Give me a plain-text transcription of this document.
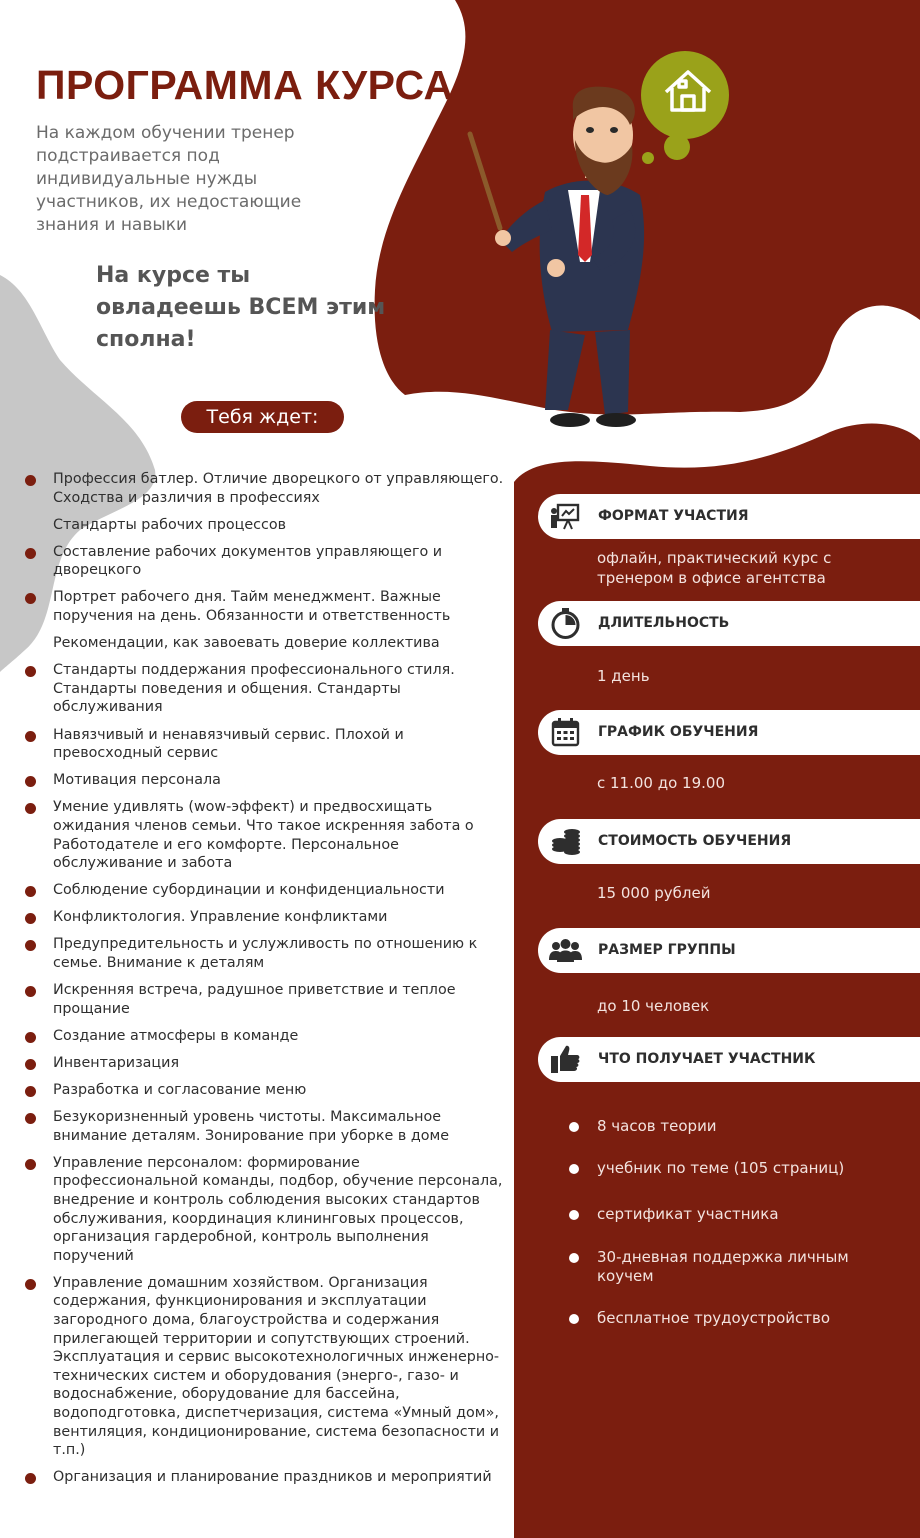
ПРОГРАММА КУРСА
На каждом обучении тренер подстраивается под индивидуальные нужды участников, их недостающие знания и навыки
На курсе ты овладеешь ВСЕМ этим сполна!
Тебя ждет:
Профессия батлер. Отличие дворецкого от управляющего. Сходства и различия в профессиях
Стандарты рабочих процессов
Составление рабочих документов управляющего и дворецкого
Портрет рабочего дня. Тайм менеджмент. Важные поручения на день. Обязанности и ответственность
Рекомендации, как завоевать доверие коллектива
Стандарты поддержания профессионального стиля. Стандарты поведения и общения. Стандарты обслуживания
Навязчивый и ненавязчивый сервис. Плохой и превосходный сервис
Мотивация персонала
Умение удивлять (wow-эффект) и предвосхищать ожидания членов семьи. Что такое искренняя забота о Работодателе и его комфорте. Персональное обслуживание и забота
Соблюдение субординации и конфиденциальности
Конфликтология. Управление конфликтами
Предупредительность и услужливость по отношению к семье. Внимание к деталям
Искренняя встреча, радушное приветствие и теплое прощание
Создание атмосферы в команде
Инвентаризация
Разработка и согласование меню
Безукоризненный уровень чистоты. Максимальное внимание деталям. Зонирование при уборке в доме
Управление персоналом: формирование профессиональной команды, подбор, обучение персонала, внедрение и контроль соблюдения высоких стандартов обслуживания, координация клининговых процессов, организация гардеробной, контроль выполнения поручений
Управление домашним хозяйством. Организация содержания, функционирования и эксплуатации загородного дома, благоустройства и содержания прилегающей территории и сопутствующих строений. Эксплуатация и сервис высокотехнологичных инженерно-технических систем и оборудования (энерго-, газо- и водоснабжение, оборудование для бассейна, водоподготовка, диспетчеризация, система «Умный дом», вентиляция, кондиционирование, система безопасности и т.п.)
Организация и планирование праздников и мероприятий
ФОРМАТ УЧАСТИЯ
офлайн, практический курс с тренером в офисе агентства
ДЛИТЕЛЬНОСТЬ
1 день
ГРАФИК ОБУЧЕНИЯ
с 11.00 до 19.00
СТОИМОСТЬ ОБУЧЕНИЯ
15 000 рублей
РАЗМЕР ГРУППЫ
до 10 человек
ЧТО ПОЛУЧАЕТ УЧАСТНИК
8 часов теории
учебник по теме (105 страниц)
сертификат участника
30-дневная поддержка личным коучем
бесплатное трудоустройство
